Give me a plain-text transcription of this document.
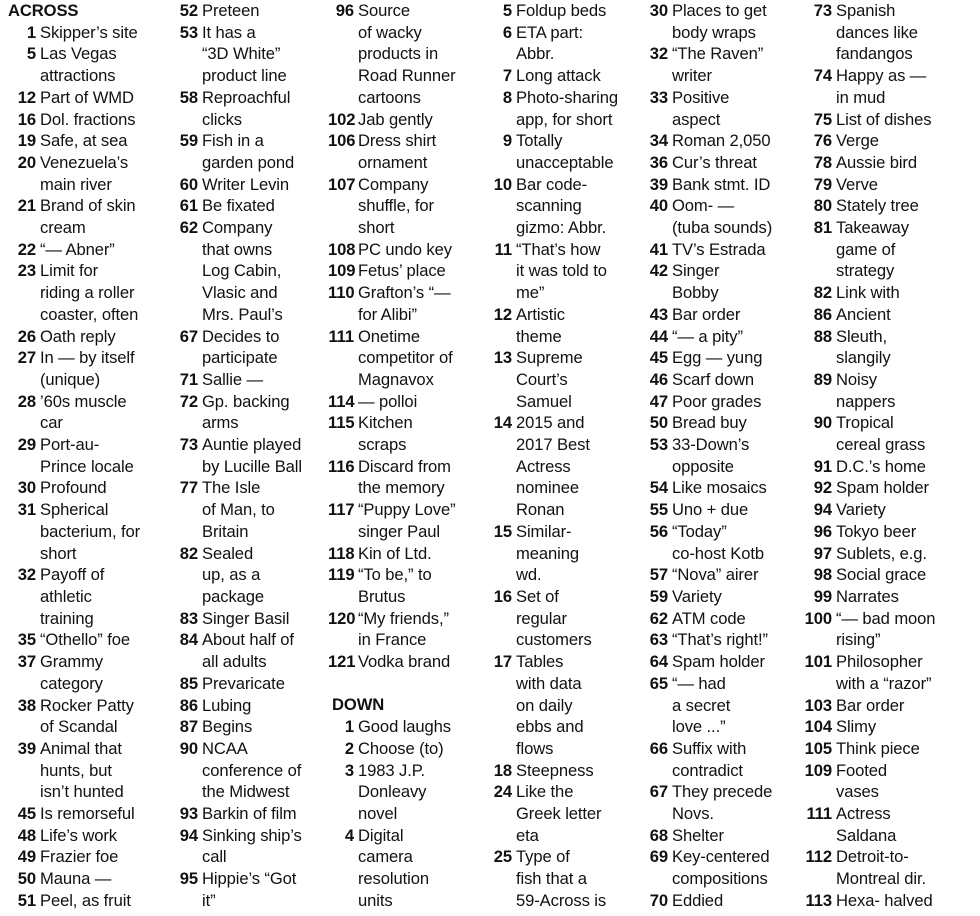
ACROSS
1 Skipper’s site
5 Las Vegas
attractions
12 Part of WMD
16 Dol. fractions
19 Safe, at sea
20 Venezuela’s
main river
21 Brand of skin
cream
22 “— Abner”
23 Limit for
riding a roller
coaster, often
26 Oath reply
27 In — by itself
(unique)
28 ’60s muscle
car
29 Port-au-
Prince locale
30 Profound
31 Spherical
bacterium, for
short
32 Payoff of
athletic
training
35 “Othello” foe
37 Grammy
category
38 Rocker Patty
of Scandal
39 Animal that
hunts, but
isn’t hunted
45 Is remorseful
48 Life’s work
49 Frazier foe
50 Mauna —
51 Peel, as fruit
52 Preteen
53 It has a
“3D White”
product line
58 Reproachful
clicks
59 Fish in a
garden pond
60 Writer Levin
61 Be fixated
62 Company
that owns
Log Cabin,
Vlasic and
Mrs. Paul’s
67 Decides to
participate
71 Sallie —
72 Gp. backing
arms
73 Auntie played
by Lucille Ball
77 The Isle
of Man, to
Britain
82 Sealed
up, as a
package
83 Singer Basil
84 About half of
all adults
85 Prevaricate
86 Lubing
87 Begins
90 NCAA
conference of
the Midwest
93 Barkin of film
94 Sinking ship’s
call
95 Hippie’s “Got
it”
96 Source
of wacky
products in
Road Runner
cartoons
102 Jab gently
106 Dress shirt
ornament
107 Company
shuffle, for
short
108 PC undo key
109 Fetus’ place
110 Grafton’s “—
for Alibi”
111 Onetime
competitor of
Magnavox
114 — polloi
115 Kitchen
scraps
116 Discard from
the memory
117 “Puppy Love”
singer Paul
118 Kin of Ltd.
119 “To be,” to
Brutus
120 “My friends,”
in France
121 Vodka brand
DOWN
1 Good laughs
2 Choose (to)
3 1983 J.P.
Donleavy
novel
4 Digital
camera
resolution
units
5 Foldup beds
6 ETA part:
Abbr.
7 Long attack
8 Photo-sharing
app, for short
9 Totally
unacceptable
10 Bar code-
scanning
gizmo: Abbr.
11 “That’s how
it was told to
me”
12 Artistic
theme
13 Supreme
Court’s
Samuel
14 2015 and
2017 Best
Actress
nominee
Ronan
15 Similar-
meaning
wd.
16 Set of
regular
customers
17 Tables
with data
on daily
ebbs and
flows
18 Steepness
24 Like the
Greek letter
eta
25 Type of
fish that a
59-Across is
30 Places to get
body wraps
32 “The Raven”
writer
33 Positive
aspect
34 Roman 2,050
36 Cur’s threat
39 Bank stmt. ID
40 Oom- —
(tuba sounds)
41 TV’s Estrada
42 Singer
Bobby
43 Bar order
44 “— a pity”
45 Egg — yung
46 Scarf down
47 Poor grades
50 Bread buy
53 33-Down’s
opposite
54 Like mosaics
55 Uno + due
56 “Today”
co-host Kotb
57 “Nova” airer
59 Variety
62 ATM code
63 “That’s right!”
64 Spam holder
65 “— had
a secret
love ...”
66 Suffix with
contradict
67 They precede
Novs.
68 Shelter
69 Key-centered
compositions
70 Eddied
73 Spanish
dances like
fandangos
74 Happy as —
in mud
75 List of dishes
76 Verge
78 Aussie bird
79 Verve
80 Stately tree
81 Takeaway
game of
strategy
82 Link with
86 Ancient
88 Sleuth,
slangily
89 Noisy
nappers
90 Tropical
cereal grass
91 D.C.’s home
92 Spam holder
94 Variety
96 Tokyo beer
97 Sublets, e.g.
98 Social grace
99 Narrates
100 “— bad moon
rising”
101 Philosopher
with a “razor”
103 Bar order
104 Slimy
105 Think piece
109 Footed
vases
111 Actress
Saldana
112 Detroit-to-
Montreal dir.
113 Hexa- halved
